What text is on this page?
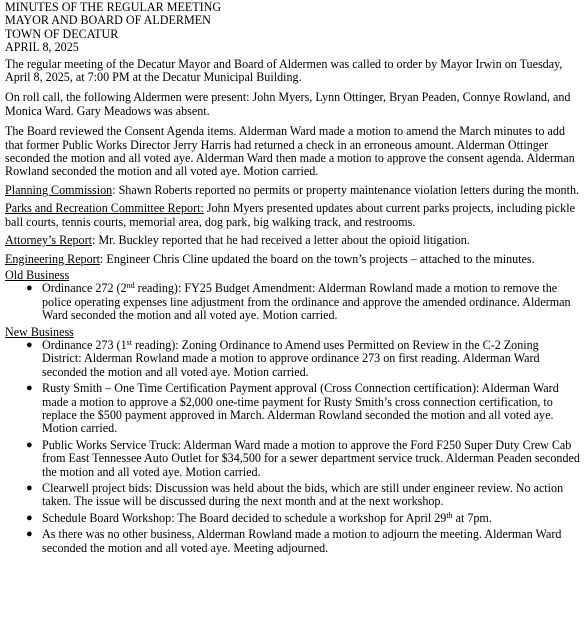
MINUTES OF THE REGULAR MEETING
MAYOR AND BOARD OF ALDERMEN
TOWN OF DECATUR
APRIL 8, 2025

The regular meeting of the Decatur Mayor and Board of Aldermen was called to order by Mayor Irwin on Tuesday, April 8, 2025, at 7:00 PM at the Decatur Municipal Building.

On roll call, the following Aldermen were present: John Myers, Lynn Ottinger, Bryan Peaden, Connye Rowland, and Monica Ward. Gary Meadows was absent.

The Board reviewed the Consent Agenda items. Alderman Ward made a motion to amend the March minutes to add that former Public Works Director Jerry Harris had returned a check in an erroneous amount. Alderman Ottinger seconded the motion and all voted aye. Alderman Ward then made a motion to approve the consent agenda. Alderman Rowland seconded the motion and all voted aye. Motion carried.

Planning Commission: Shawn Roberts reported no permits or property maintenance violation letters during the month.

Parks and Recreation Committee Report: John Myers presented updates about current parks projects, including pickle ball courts, tennis courts, memorial area, dog park, big walking track, and restrooms.

Attorney’s Report: Mr. Buckley reported that he had received a letter about the opioid litigation.

Engineering Report: Engineer Chris Cline updated the board on the town’s projects – attached to the minutes.

Old Business

● Ordinance 272 (2nd reading): FY25 Budget Amendment: Alderman Rowland made a motion to remove the police operating expenses line adjustment from the ordinance and approve the amended ordinance. Alderman Ward seconded the motion and all voted aye. Motion carried.

New Business

● Ordinance 273 (1st reading): Zoning Ordinance to Amend uses Permitted on Review in the C-2 Zoning District: Alderman Rowland made a motion to approve ordinance 273 on first reading. Alderman Ward seconded the motion and all voted aye. Motion carried.
● Rusty Smith – One Time Certification Payment approval (Cross Connection certification): Alderman Ward made a motion to approve a $2,000 one-time payment for Rusty Smith’s cross connection certification, to replace the $500 payment approved in March. Alderman Rowland seconded the motion and all voted aye. Motion carried.
● Public Works Service Truck: Alderman Ward made a motion to approve the Ford F250 Super Duty Crew Cab from East Tennessee Auto Outlet for $34,500 for a sewer department service truck. Alderman Peaden seconded the motion and all voted aye. Motion carried.
● Clearwell project bids: Discussion was held about the bids, which are still under engineer review. No action taken. The issue will be discussed during the next month and at the next workshop.
● Schedule Board Workshop: The Board decided to schedule a workshop for April 29th at 7pm.
● As there was no other business, Alderman Rowland made a motion to adjourn the meeting. Alderman Ward seconded the motion and all voted aye. Meeting adjourned.
